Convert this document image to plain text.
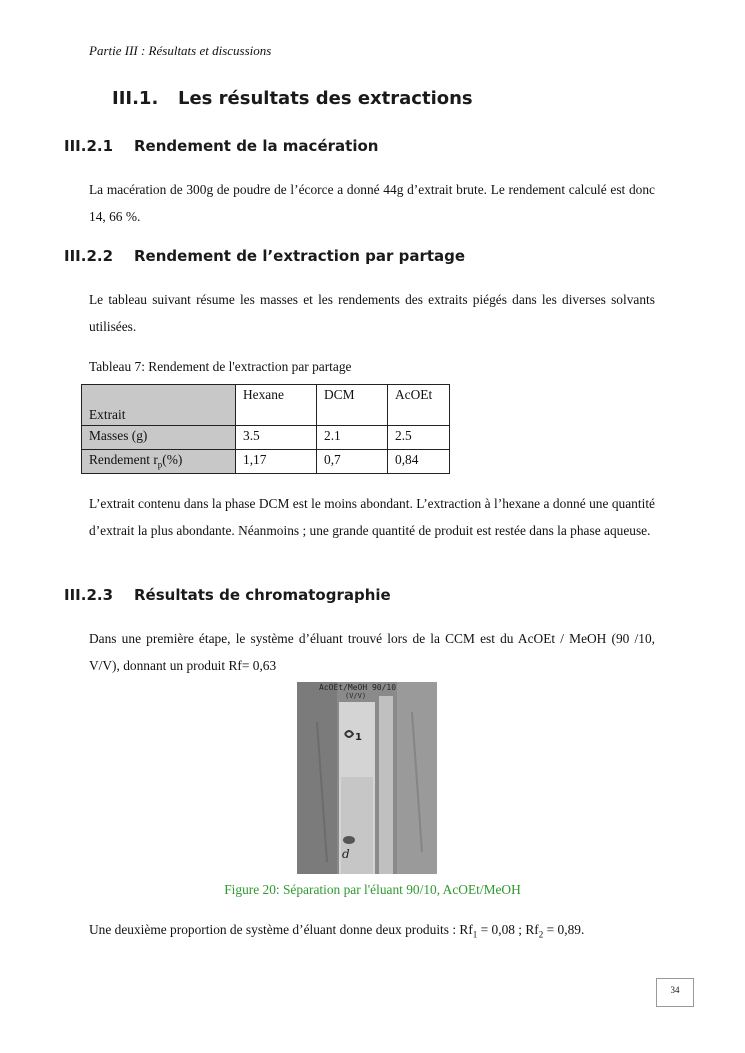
Partie III : Résultats et discussions
III.1. Les résultats des extractions
III.2.1 Rendement de la macération
La macération de 300g de poudre de l’écorce a donné 44g d’extrait brute. Le rendement calculé est donc 14, 66 %.
III.2.2 Rendement de l’extraction par partage
Le tableau suivant résume les masses et les rendements des extraits piégés dans les diverses solvants utilisées.
Tableau 7: Rendement de l'extraction par partage
Extrait	Hexane	DCM	AcOEt
Masses (g)	3.5	2.1	2.5
Rendement $r_p(\%)$	1,17	0,7	0,84
L’extrait contenu dans la phase DCM est le moins abondant. L’extraction à l’hexane a donné une quantité d’extrait la plus abondante. Néanmoins ; une grande quantité de produit est restée dans la phase aqueuse.
III.2.3 Résultats de chromatographie
Dans une première étape, le système d’éluant trouvé lors de la CCM est du AcOEt / MeOH (90 /10, V/V), donnant un produit Rf= 0,63
AcOEt/MeOH 90/10
(V/V)
1
d
Figure 20: Séparation par l'éluant 90/10, AcOEt/MeOH
Une deuxième proportion de système d’éluant donne deux produits : $Rf_1 = 0,08$ ; $Rf_2 = 0,89$.
34
